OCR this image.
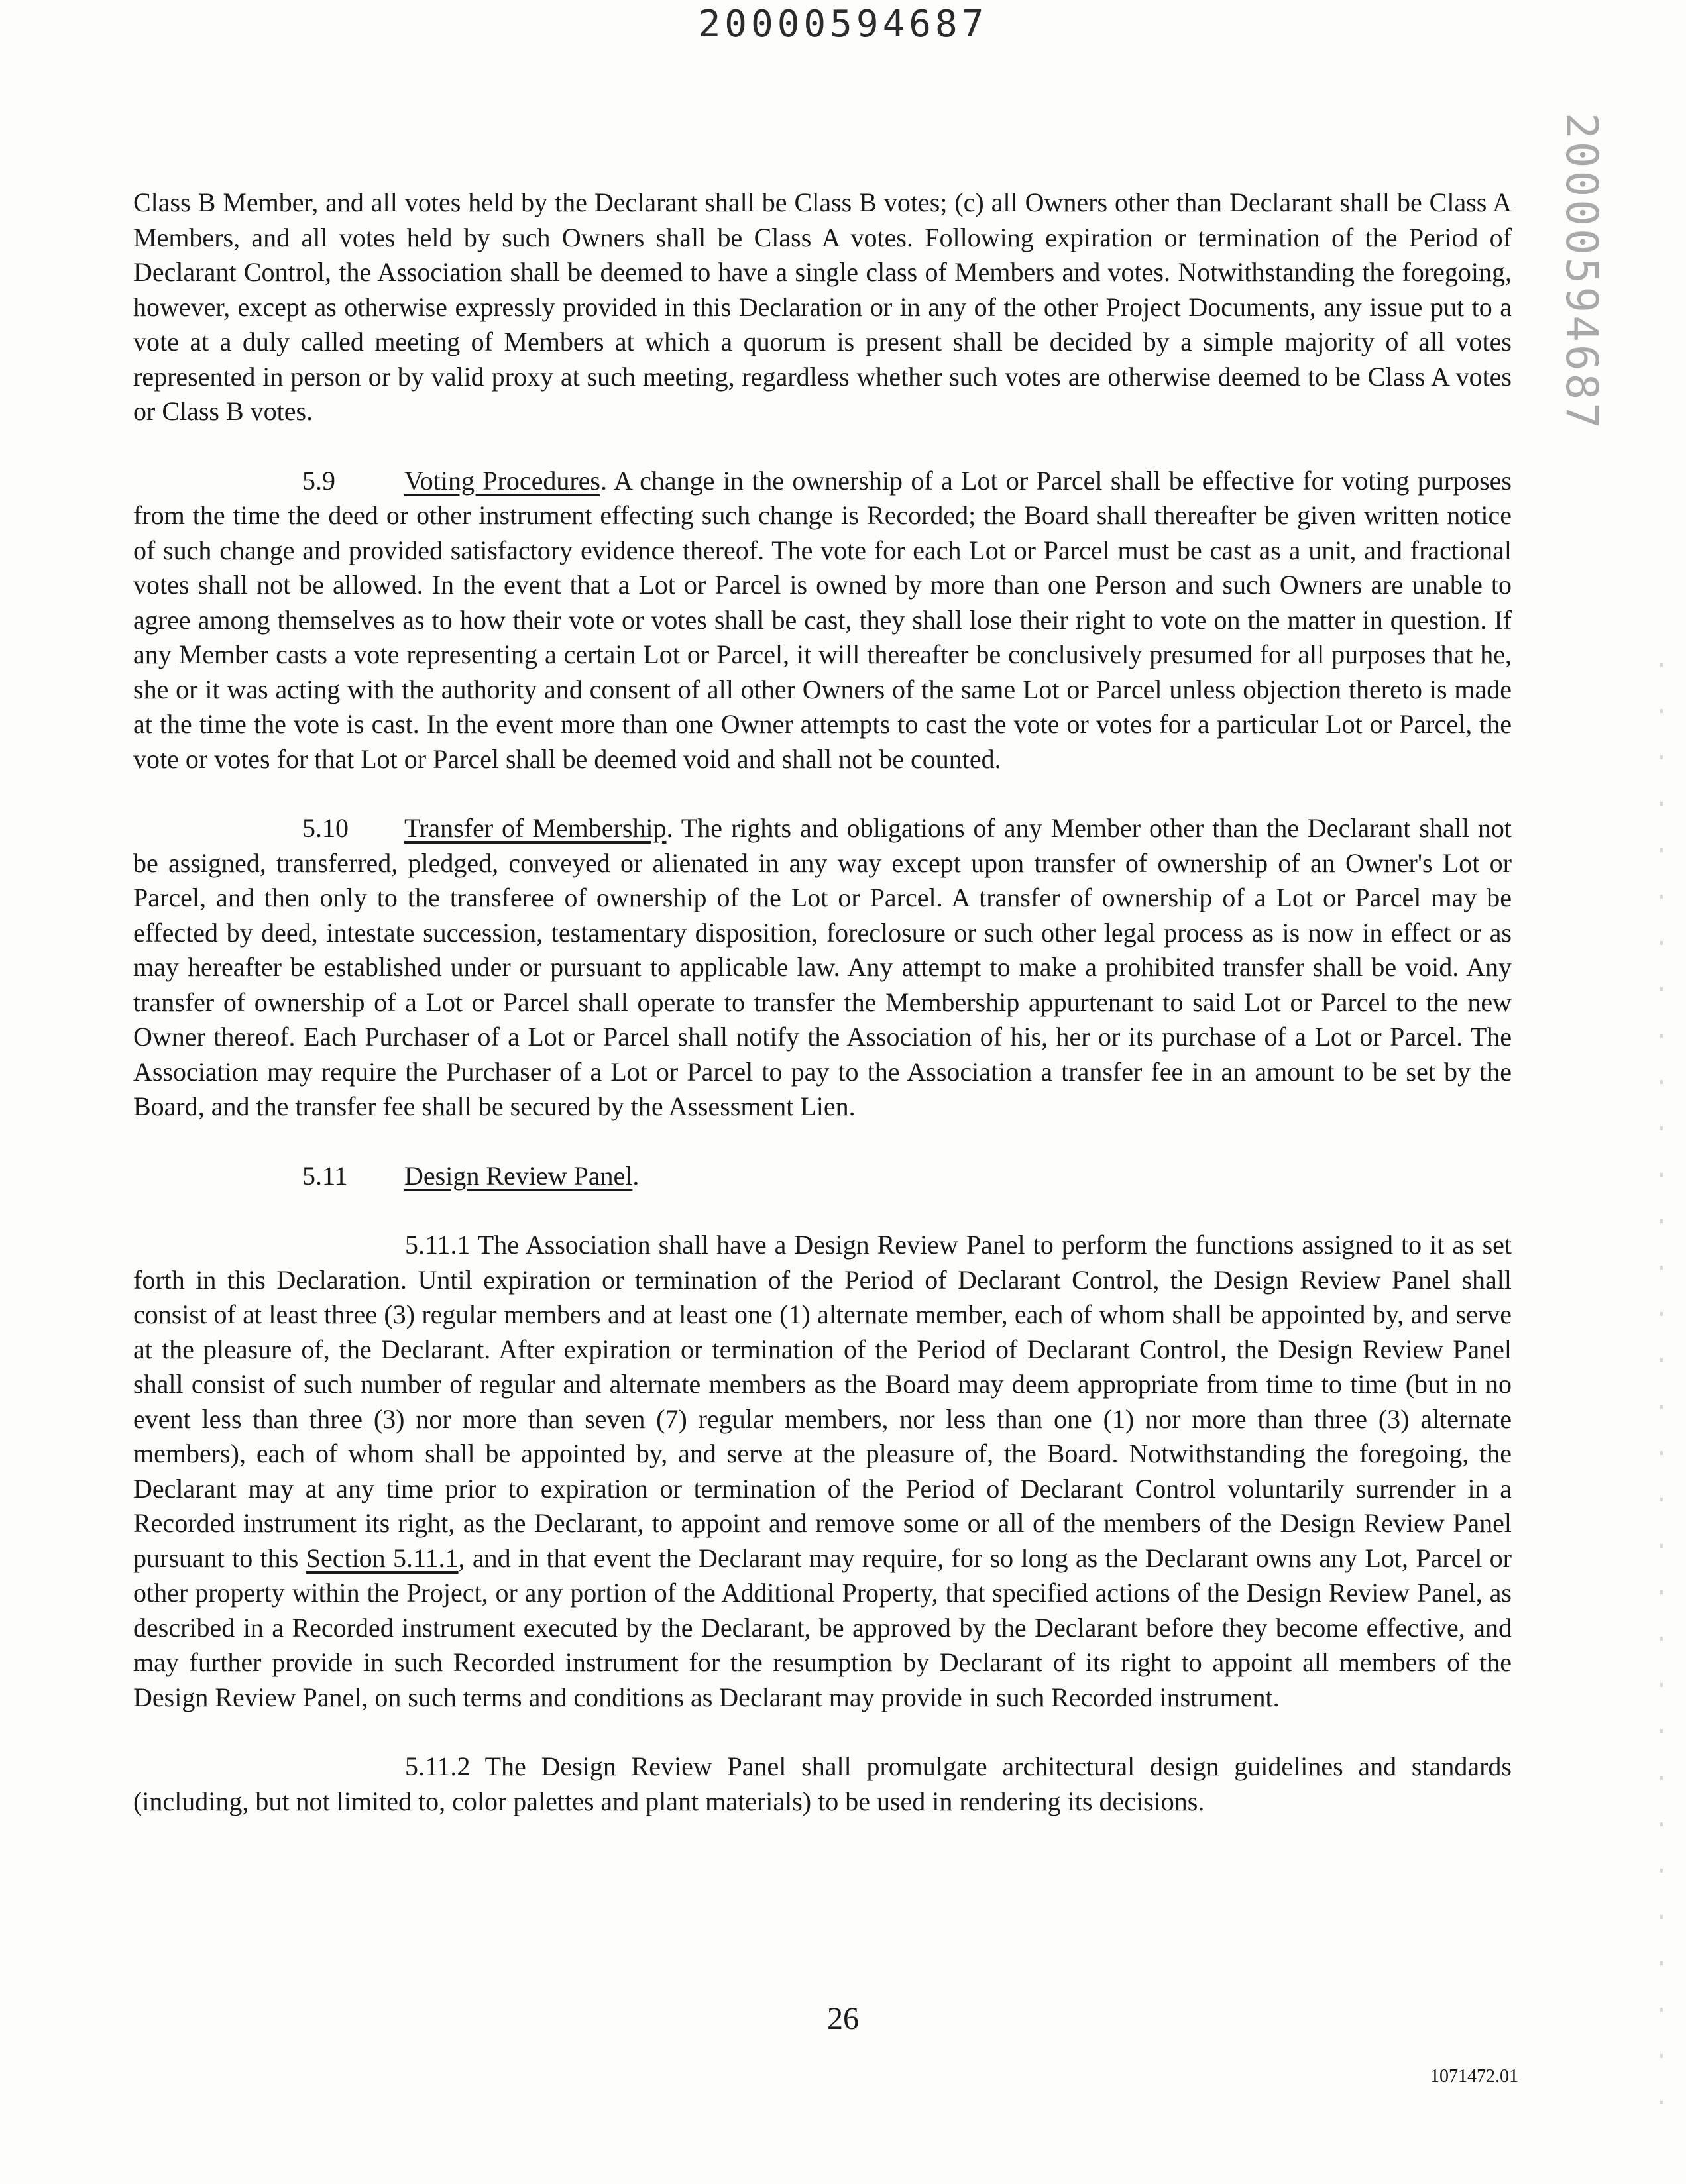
20000594687
20000594687

Class B Member, and all votes held by the Declarant shall be Class B votes; (c) all Owners other than Declarant shall be Class A Members, and all votes held by such Owners shall be Class A votes. Following expiration or termination of the Period of Declarant Control, the Association shall be deemed to have a single class of Members and votes. Notwithstanding the foregoing, however, except as otherwise expressly provided in this Declaration or in any of the other Project Documents, any issue put to a vote at a duly called meeting of Members at which a quorum is present shall be decided by a simple majority of all votes represented in person or by valid proxy at such meeting, regardless whether such votes are otherwise deemed to be Class A votes or Class B votes.

5.9	Voting Procedures. A change in the ownership of a Lot or Parcel shall be effective for voting purposes from the time the deed or other instrument effecting such change is Recorded; the Board shall thereafter be given written notice of such change and provided satisfactory evidence thereof. The vote for each Lot or Parcel must be cast as a unit, and fractional votes shall not be allowed. In the event that a Lot or Parcel is owned by more than one Person and such Owners are unable to agree among themselves as to how their vote or votes shall be cast, they shall lose their right to vote on the matter in question. If any Member casts a vote representing a certain Lot or Parcel, it will thereafter be conclusively presumed for all purposes that he, she or it was acting with the authority and consent of all other Owners of the same Lot or Parcel unless objection thereto is made at the time the vote is cast. In the event more than one Owner attempts to cast the vote or votes for a particular Lot or Parcel, the vote or votes for that Lot or Parcel shall be deemed void and shall not be counted.

5.10 Transfer of Membership. The rights and obligations of any Member other than the Declarant shall not be assigned, transferred, pledged, conveyed or alienated in any way except upon transfer of ownership of an Owner's Lot or Parcel, and then only to the transferee of ownership of the Lot or Parcel. A transfer of ownership of a Lot or Parcel may be effected by deed, intestate succession, testamentary disposition, foreclosure or such other legal process as is now in effect or as may hereafter be established under or pursuant to applicable law. Any attempt to make a prohibited transfer shall be void. Any transfer of ownership of a Lot or Parcel shall operate to transfer the Membership appurtenant to said Lot or Parcel to the new Owner thereof. Each Purchaser of a Lot or Parcel shall notify the Association of his, her or its purchase of a Lot or Parcel. The Association may require the Purchaser of a Lot or Parcel to pay to the Association a transfer fee in an amount to be set by the Board, and the transfer fee shall be secured by the Assessment Lien.

5.11 Design Review Panel.

5.11.1 The Association shall have a Design Review Panel to perform the functions assigned to it as set forth in this Declaration. Until expiration or termination of the Period of Declarant Control, the Design Review Panel shall consist of at least three (3) regular members and at least one (1) alternate member, each of whom shall be appointed by, and serve at the pleasure of, the Declarant. After expiration or termination of the Period of Declarant Control, the Design Review Panel shall consist of such number of regular and alternate members as the Board may deem appropriate from time to time (but in no event less than three (3) nor more than seven (7) regular members, nor less than one (1) nor more than three (3) alternate members), each of whom shall be appointed by, and serve at the pleasure of, the Board. Notwithstanding the foregoing, the Declarant may at any time prior to expiration or termination of the Period of Declarant Control voluntarily surrender in a Recorded instrument its right, as the Declarant, to appoint and remove some or all of the members of the Design Review Panel pursuant to this Section 5.11.1, and in that event the Declarant may require, for so long as the Declarant owns any Lot, Parcel or other property within the Project, or any portion of the Additional Property, that specified actions of the Design Review Panel, as described in a Recorded instrument executed by the Declarant, be approved by the Declarant before they become effective, and may further provide in such Recorded instrument for the resumption by Declarant of its right to appoint all members of the Design Review Panel, on such terms and conditions as Declarant may provide in such Recorded instrument.

5.11.2 The Design Review Panel shall promulgate architectural design guidelines and standards (including, but not limited to, color palettes and plant materials) to be used in rendering its decisions.

26
1071472.01
